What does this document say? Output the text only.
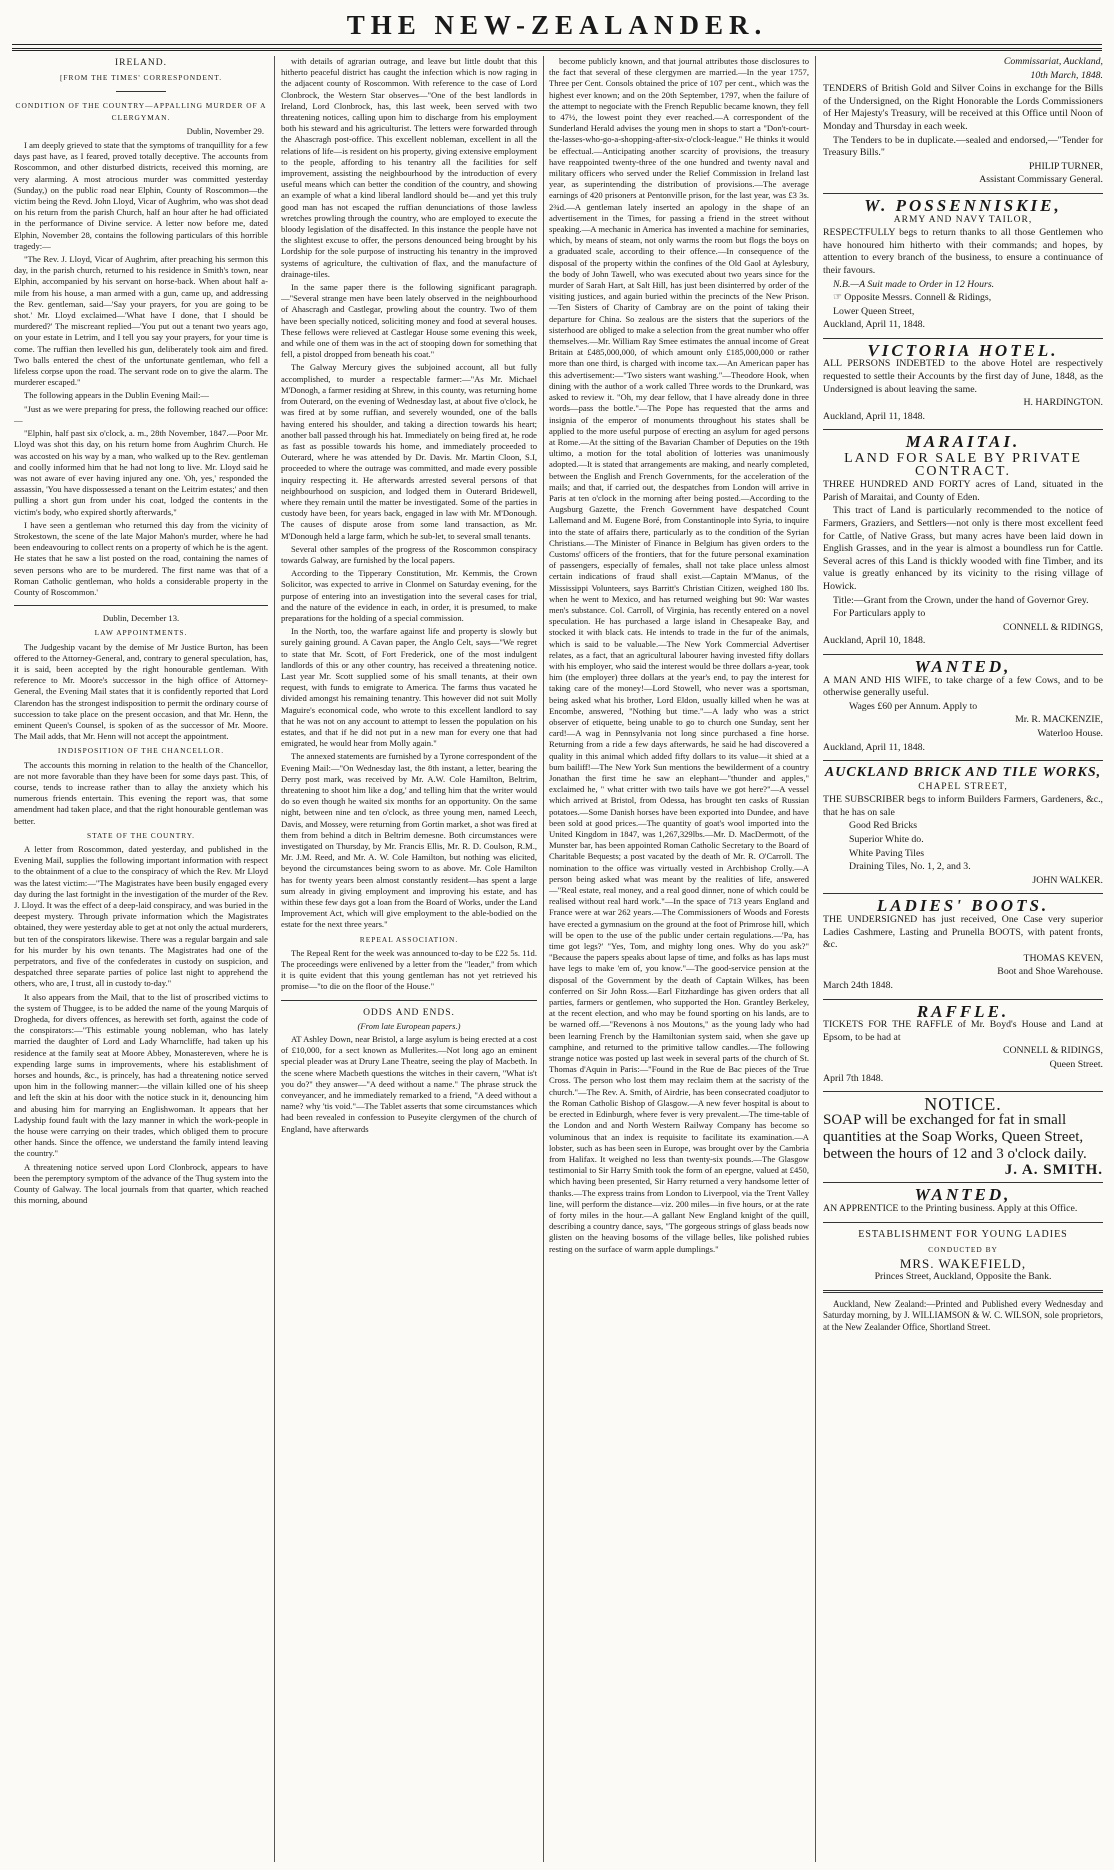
THE NEW-ZEALANDER.

IRELAND.

[FROM THE TIMES' CORRESPONDENT.

CONDITION OF THE COUNTRY—APPALLING MURDER OF A CLERGYMAN.

Dublin, November 29.

I am deeply grieved to state that the symptoms of tranquillity for a few days past have, as I feared, proved totally deceptive. The accounts from Roscommon, and other disturbed districts, received this morning, are very alarming. A most atrocious murder was committed yesterday (Sunday,) on the public road near Elphin, County of Roscommon—the victim being the Revd. John Lloyd, Vicar of Aughrim, who was shot dead on his return from the parish Church, half an hour after he had officiated in the performance of Divine service. A letter now before me, dated Elphin, November 28, contains the following particulars of this horrible tragedy:—

"The Rev. J. Lloyd, Vicar of Aughrim, after preaching his sermon this day, in the parish church, returned to his residence in Smith's town, near Elphin, accompanied by his servant on horse-back. When about half a-mile from his house, a man armed with a gun, came up, and addressing the Rev. gentleman, said—'Say your prayers, for you are going to be shot.' Mr. Lloyd exclaimed—'What have I done, that I should be murdered?' The miscreant replied—'You put out a tenant two years ago, on your estate in Letrim, and I tell you say your prayers, for your time is come. The ruffian then levelled his gun, deliberately took aim and fired. Two balls entered the chest of the unfortunate gentleman, who fell a lifeless corpse upon the road. The servant rode on to give the alarm. The murderer escaped."

The following appears in the Dublin Evening Mail:—

"Just as we were preparing for press, the following reached our office:—

"Elphin, half past six o'clock, a. m., 28th November, 1847.—Poor Mr. Lloyd was shot this day, on his return home from Aughrim Church. He was accosted on his way by a man, who walked up to the Rev. gentleman and coolly informed him that he had not long to live. Mr. Lloyd said he was not aware of ever having injured any one. 'Oh, yes,' responded the assassin, 'You have dispossessed a tenant on the Leitrim estates;' and then pulling a short gun from under his coat, lodged the contents in the victim's body, who expired shortly afterwards,"

I have seen a gentleman who returned this day from the vicinity of Strokestown, the scene of the late Major Mahon's murder, where he had been endeavouring to collect rents on a property of which he is the agent. He states that he saw a list posted on the road, containing the names of seven persons who are to be murdered. The first name was that of a Roman Catholic gentleman, who holds a considerable property in the County of Roscommon.'

Dublin, December 13.

LAW APPOINTMENTS.

The Judgeship vacant by the demise of Mr Justice Burton, has been offered to the Attorney-General, and, contrary to general speculation, has, it is said, been accepted by the right honourable gentleman. With reference to Mr. Moore's successor in the high office of Attorney-General, the Evening Mail states that it is confidently reported that Lord Clarendon has the strongest indisposition to permit the ordinary course of succession to take place on the present occasion, and that Mr. Henn, the eminent Queen's Counsel, is spoken of as the successor of Mr. Moore. The Mail adds, that Mr. Henn will not accept the appointment.

INDISPOSITION OF THE CHANCELLOR.

The accounts this morning in relation to the health of the Chancellor, are not more favorable than they have been for some days past. This, of course, tends to increase rather than to allay the anxiety which his numerous friends entertain. This evening the report was, that some amendment had taken place, and that the right honourable gentleman was better.

STATE OF THE COUNTRY.

A letter from Roscommon, dated yesterday, and published in the Evening Mail, supplies the following important information with respect to the obtainment of a clue to the conspiracy of which the Rev. Mr Lloyd was the latest victim:—"The Magistrates have been busily engaged every day during the last fortnight in the investigation of the murder of the Rev. J. Lloyd. It was the effect of a deep-laid conspiracy, and was buried in the deepest mystery. Through private information which the Magistrates obtained, they were yesterday able to get at not only the actual murderers, but ten of the conspirators likewise. There was a regular bargain and sale for his murder by his own tenants. The Magistrates had one of the perpetrators, and five of the confederates in custody on suspicion, and despatched three separate parties of police last night to apprehend the others, who are, I trust, all in custody to-day."

It also appears from the Mail, that to the list of proscribed victims to the system of Thuggee, is to be added the name of the young Marquis of Drogheda, for divers offences, as herewith set forth, against the code of the conspirators:—"This estimable young nobleman, who has lately married the daughter of Lord and Lady Wharncliffe, had taken up his residence at the family seat at Moore Abbey, Monastereven, where he is expending large sums in improvements, where his establishment of horses and hounds, &c., is princely, has had a threatening notice served upon him in the following manner:—the villain killed one of his sheep and left the skin at his door with the notice stuck in it, denouncing him and abusing him for marrying an Englishwoman. It appears that her Ladyship found fault with the lazy manner in which the work-people in the house were carrying on their trades, which obliged them to procure other hands. Since the offence, we understand the family intend leaving the country."

A threatening notice served upon Lord Clonbrock, appears to have been the peremptory symptom of the advance of the Thug system into the County of Galway. The local journals from that quarter, which reached this morning, abound

with details of agrarian outrage, and leave but little doubt that this hitherto peaceful district has caught the infection which is now raging in the adjacent county of Roscommon. With reference to the case of Lord Clonbrock, the Western Star observes—"One of the best landlords in Ireland, Lord Clonbrock, has, this last week, been served with two threatening notices, calling upon him to discharge from his employment both his steward and his agriculturist. The letters were forwarded through the Ahascragh post-office. This excellent nobleman, excellent in all the relations of life—is resident on his property, giving extensive employment to the people, affording to his tenantry all the facilities for self improvement, assisting the neighbourhood by the introduction of every useful means which can better the condition of the country, and showing an example of what a kind liberal landlord should be—and yet this truly good man has not escaped the ruffian denunciations of those lawless wretches prowling through the country, who are employed to execute the bloody legislation of the disaffected. In this instance the people have not the slightest excuse to offer, the persons denounced being brought by his Lordship for the sole purpose of instructing his tenantry in the improved systems of agriculture, the cultivation of flax, and the manufacture of drainage-tiles.

In the same paper there is the following significant paragraph.—"Several strange men have been lately observed in the neighbourhood of Ahascragh and Castlegar, prowling about the country. Two of them have been specially noticed, soliciting money and food at several houses. These fellows were relieved at Castlegar House some evening this week, and while one of them was in the act of stooping down for something that fell, a pistol dropped from beneath his coat."

The Galway Mercury gives the subjoined account, all but fully accomplished, to murder a respectable farmer:—"As Mr. Michael M'Donogh, a farmer residing at Shrew, in this county, was returning home from Outerard, on the evening of Wednesday last, at about five o'clock, he was fired at by some ruffian, and severely wounded, one of the balls having entered his shoulder, and taking a direction towards his heart; another ball passed through his hat. Immediately on being fired at, he rode as fast as possible towards his home, and immediately proceeded to Outerard, where he was attended by Dr. Davis. Mr. Martin Cloon, S.I, proceeded to where the outrage was committed, and made every possible inquiry respecting it. He afterwards arrested several persons of that neighbourhood on suspicion, and lodged them in Outerard Bridewell, where they remain until the matter be investigated. Some of the parties in custody have been, for years back, engaged in law with Mr. M'Donough. The causes of dispute arose from some land transaction, as Mr. M'Donough held a large farm, which he sub-let, to several small tenants.

Several other samples of the progress of the Roscommon conspiracy towards Galway, are furnished by the local papers.

According to the Tipperary Constitution, Mr. Kemmis, the Crown Solicitor, was expected to arrive in Clonmel on Saturday evening, for the purpose of entering into an investigation into the several cases for trial, and the nature of the evidence in each, in order, it is presumed, to make preparations for the holding of a special commission.

In the North, too, the warfare against life and property is slowly but surely gaining ground. A Cavan paper, the Anglo Celt, says—"We regret to state that Mr. Scott, of Fort Frederick, one of the most indulgent landlords of this or any other country, has received a threatening notice. Last year Mr. Scott supplied some of his small tenants, at their own request, with funds to emigrate to America. The farms thus vacated he divided amongst his remaining tenantry. This however did not suit Molly Maguire's economical code, who wrote to this excellent landlord to say that he was not on any account to attempt to lessen the population on his estates, and that if he did not put in a new man for every one that had emigrated, he would hear from Molly again."

The annexed statements are furnished by a Tyrone correspondent of the Evening Mail:—"On Wednesday last, the 8th instant, a letter, bearing the Derry post mark, was received by Mr. A.W. Cole Hamilton, Beltrim, threatening to shoot him like a dog,' and telling him that the writer would do so even though he waited six months for an opportunity. On the same night, between nine and ten o'clock, as three young men, named Leech, Davis, and Mossey, were returning from Gortin market, a shot was fired at them from behind a ditch in Beltrim demesne. Both circumstances were investigated on Thursday, by Mr. Francis Ellis, Mr. R. D. Coulson, R.M., Mr. J.M. Reed, and Mr. A. W. Cole Hamilton, but nothing was elicited, beyond the circumstances being sworn to as above. Mr. Cole Hamilton has for twenty years been almost constantly resident—has spent a large sum already in giving employment and improving his estate, and has within these few days got a loan from the Board of Works, under the Land Improvement Act, which will give employment to the able-bodied on the estate for the next three years."

REPEAL ASSOCIATION.

The Repeal Rent for the week was announced to-day to be £22 5s. 11d. The proceedings were enlivened by a letter from the "leader," from which it is quite evident that this young gentleman has not yet retrieved his promise—"to die on the floor of the House."

ODDS AND ENDS.

(From late European papers.)

AT Ashley Down, near Bristol, a large asylum is being erected at a cost of £10,000, for a sect known as Mullerites.—Not long ago an eminent special pleader was at Drury Lane Theatre, seeing the play of Macbeth. In the scene where Macbeth questions the witches in their cavern, "What is't you do?" they answer—"A deed without a name." The phrase struck the conveyancer, and he immediately remarked to a friend, "A deed without a name? why 'tis void."—The Tablet asserts that some circumstances which had been revealed in confession to Puseyite clergymen of the church of England, have afterwards

become publicly known, and that journal attributes those disclosures to the fact that several of these clergymen are married.—In the year 1757, Three per Cent. Consols obtained the price of 107 per cent., which was the highest ever known; and on the 20th September, 1797, when the failure of the attempt to negociate with the French Republic became known, they fell to 47½, the lowest point they ever reached.—A correspondent of the Sunderland Herald advises the young men in shops to start a "Don't-court-the-lasses-who-go-a-shopping-after-six-o'clock-league." He thinks it would be effectual.—Anticipating another scarcity of provisions, the treasury have reappointed twenty-three of the one hundred and twenty naval and military officers who served under the Relief Commission in Ireland last year, as superintending the distribution of provisions.—The average earnings of 420 prisoners at Pentonville prison, for the last year, was £3 3s. 2¾d.—A gentleman lately inserted an apology in the shape of an advertisement in the Times, for passing a friend in the street without speaking.—A mechanic in America has invented a machine for seminaries, which, by means of steam, not only warms the room but flogs the boys on a graduated scale, according to their offence.—In consequence of the disposal of the property within the confines of the Old Gaol at Aylesbury, the body of John Tawell, who was executed about two years since for the murder of Sarah Hart, at Salt Hill, has just been disinterred by order of the visiting justices, and again buried within the precincts of the New Prison.—Ten Sisters of Charity of Cambray are on the point of taking their departure for China. So zealous are the sisters that the superiors of the sisterhood are obliged to make a selection from the great number who offer themselves.—Mr. William Ray Smee estimates the annual income of Great Britain at £485,000,000, of which amount only £185,000,000 or rather more than one third, is charged with income tax.—An American paper has this advertisement:—"Two sisters want washing."—Theodore Hook, when dining with the author of a work called Three words to the Drunkard, was asked to review it. "Oh, my dear fellow, that I have already done in three words—pass the bottle."—The Pope has requested that the arms and insignia of the emperor of monuments throughout his states shall be applied to the more useful purpose of erecting an asylum for aged persons at Rome.—At the sitting of the Bavarian Chamber of Deputies on the 19th ultimo, a motion for the total abolition of lotteries was unanimously adopted.—It is stated that arrangements are making, and nearly completed, between the English and French Governments, for the acceleration of the mails; and that, if carried out, the despatches from London will arrive in Paris at ten o'clock in the morning after being posted.—According to the Augsburg Gazette, the French Government have despatched Count Lallemand and M. Eugene Boré, from Constantinople into Syria, to inquire into the state of affairs there, particularly as to the condition of the Syrian Christians.—The Minister of Finance in Belgium has given orders to the Customs' officers of the frontiers, that for the future personal examination of passengers, especially of females, shall not take place unless almost certain indications of fraud shall exist.—Captain M'Manus, of the Mississippi Volunteers, says Barritt's Christian Citizen, weighed 180 lbs. when he went to Mexico, and has returned weighing but 90: War wastes men's substance. Col. Carroll, of Virginia, has recently entered on a novel speculation. He has purchased a large island in Chesapeake Bay, and stocked it with black cats. He intends to trade in the fur of the animals, which is said to be valuable.—The New York Commercial Advertiser relates, as a fact, that an agricultural labourer having invested fifty dollars with his employer, who said the interest would be three dollars a-year, took him (the employer) three dollars at the year's end, to pay the interest for taking care of the money!—Lord Stowell, who never was a sportsman, being asked what his brother, Lord Eldon, usually killed when he was at Encombe, answered, "Nothing but time."—A lady who was a strict observer of etiquette, being unable to go to church one Sunday, sent her card!—A wag in Pennsylvania not long since purchased a fine horse. Returning from a ride a few days afterwards, he said he had discovered a quality in this animal which added fifty dollars to its value—it shied at a bum bailiff!—The New York Sun mentions the bewilderment of a country Jonathan the first time he saw an elephant—"thunder and apples," exclaimed he, " what critter with two tails have we got here?"—A vessel which arrived at Bristol, from Odessa, has brought ten casks of Russian potatoes.—Some Danish horses have been exported into Dundee, and have been sold at good prices.—The quantity of goat's wool imported into the United Kingdom in 1847, was 1,267,329lbs.—Mr. D. MacDermott, of the Munster bar, has been appointed Roman Catholic Secretary to the Board of Charitable Bequests; a post vacated by the death of Mr. R. O'Carroll. The nomination to the office was virtually vested in Archbishop Crolly.—A person being asked what was meant by the realities of life, answered—"Real estate, real money, and a real good dinner, none of which could be realised without real hard work."—In the space of 713 years England and France were at war 262 years.—The Commissioners of Woods and Forests have erected a gymnasium on the ground at the foot of Primrose hill, which will be open to the use of the public under certain regulations.—'Pa, has time got legs?' "Yes, Tom, and mighty long ones. Why do you ask?" "Because the papers speaks about lapse of time, and folks as has laps must have legs to make 'em of, you know."—The good-service pension at the disposal of the Government by the death of Captain Wilkes, has been conferred on Sir John Ross.—Earl Fitzhardinge has given orders that all parties, farmers or gentlemen, who supported the Hon. Grantley Berkeley, at the recent election, and who may be found sporting on his lands, are to be warned off.—"Revenons à nos Moutons," as the young lady who had been learning French by the Hamiltonian system said, when she gave up camphine, and returned to the primitive tallow candles.—The following strange notice was posted up last week in several parts of the church of St. Thomas d'Aquin in Paris:—"Found in the Rue de Bac pieces of the True Cross. The person who lost them may reclaim them at the sacristy of the church."—The Rev. A. Smith, of Airdrie, has been consecrated coadjutor to the Roman Catholic Bishop of Glasgow.—A new fever hospital is about to be erected in Edinburgh, where fever is very prevalent.—The time-table of the London and and North Western Railway Company has become so voluminous that an index is requisite to facilitate its examination.—A lobster, such as has been seen in Europe, was brought over by the Cambria from Halifax. It weighed no less than twenty-six pounds.—The Glasgow testimonial to Sir Harry Smith took the form of an epergne, valued at £450, which having been presented, Sir Harry returned a very handsome letter of thanks.—The express trains from London to Liverpool, via the Trent Valley line, will perform the distance—viz. 200 miles—in five hours, or at the rate of forty miles in the hour.—A gallant New England knight of the quill, describing a country dance, says, "The gorgeous strings of glass beads now glisten on the heaving bosoms of the village belles, like polished rubies resting on the surface of warm apple dumplings."

Commissariat, Auckland,

10th March, 1848.

TENDERS of British Gold and Silver Coins in exchange for the Bills of the Undersigned, on the Right Honorable the Lords Commissioners of Her Majesty's Treasury, will be received at this Office until Noon of Monday and Thursday in each week.

The Tenders to be in duplicate.—sealed and endorsed,—"Tender for Treasury Bills."

PHILIP TURNER,

Assistant Commissary General.

W. POSSENNISKIE,

ARMY AND NAVY TAILOR,

RESPECTFULLY begs to return thanks to all those Gentlemen who have honoured him hitherto with their commands; and hopes, by attention to every branch of the business, to ensure a continuance of their favours.

N.B.—A Suit made to Order in 12 Hours.

☞ Opposite Messrs. Connell & Ridings,

Lower Queen Street,

Auckland, April 11, 1848.

VICTORIA HOTEL.

ALL PERSONS INDEBTED to the above Hotel are respectively requested to settle their Accounts by the first day of June, 1848, as the Undersigned is about leaving the same.

H. HARDINGTON.

Auckland, April 11, 1848.

MARAITAI.

LAND FOR SALE BY PRIVATE CONTRACT.

THREE HUNDRED AND FORTY acres of Land, situated in the Parish of Maraitai, and County of Eden.

This tract of Land is particularly recommended to the notice of Farmers, Graziers, and Settlers—not only is there most excellent feed for Cattle, of Native Grass, but many acres have been laid down in English Grasses, and in the year is almost a boundless run for Cattle. Several acres of this Land is thickly wooded with fine Timber, and its value is greatly enhanced by its vicinity to the rising village of Howick.

Title:—Grant from the Crown, under the hand of Governor Grey.

For Particulars apply to

CONNELL & RIDINGS,

Auckland, April 10, 1848.

WANTED,

A MAN AND HIS WIFE, to take charge of a few Cows, and to be otherwise generally useful.

Wages £60 per Annum. Apply to

Mr. R. MACKENZIE,

Waterloo House.

Auckland, April 11, 1848.

AUCKLAND BRICK AND TILE WORKS,

CHAPEL STREET,

THE SUBSCRIBER begs to inform Builders Farmers, Gardeners, &c., that he has on sale

Good Red Bricks

Superior White do.

White Paving Tiles

Draining Tiles, No. 1, 2, and 3.

JOHN WALKER.

LADIES' BOOTS.

THE UNDERSIGNED has just received, One Case very superior Ladies Cashmere, Lasting and Prunella BOOTS, with patent fronts, &c.

THOMAS KEVEN,

Boot and Shoe Warehouse.

March 24th 1848.

RAFFLE.

TICKETS FOR THE RAFFLE of Mr. Boyd's House and Land at Epsom, to be had at

CONNELL & RIDINGS,

Queen Street.

April 7th 1848.

NOTICE.

SOAP will be exchanged for fat in small quantities at the Soap Works, Queen Street, between the hours of 12 and 3 o'clock daily.

J. A. SMITH.

WANTED,

AN APPRENTICE to the Printing business. Apply at this Office.

ESTABLISHMENT FOR YOUNG LADIES

CONDUCTED BY

MRS. WAKEFIELD,

Princes Street, Auckland, Opposite the Bank.

Auckland, New Zealand:—Printed and Published every Wednesday and Saturday morning, by J. WILLIAMSON & W. C. WILSON, sole proprietors, at the New Zealander Office, Shortland Street.
